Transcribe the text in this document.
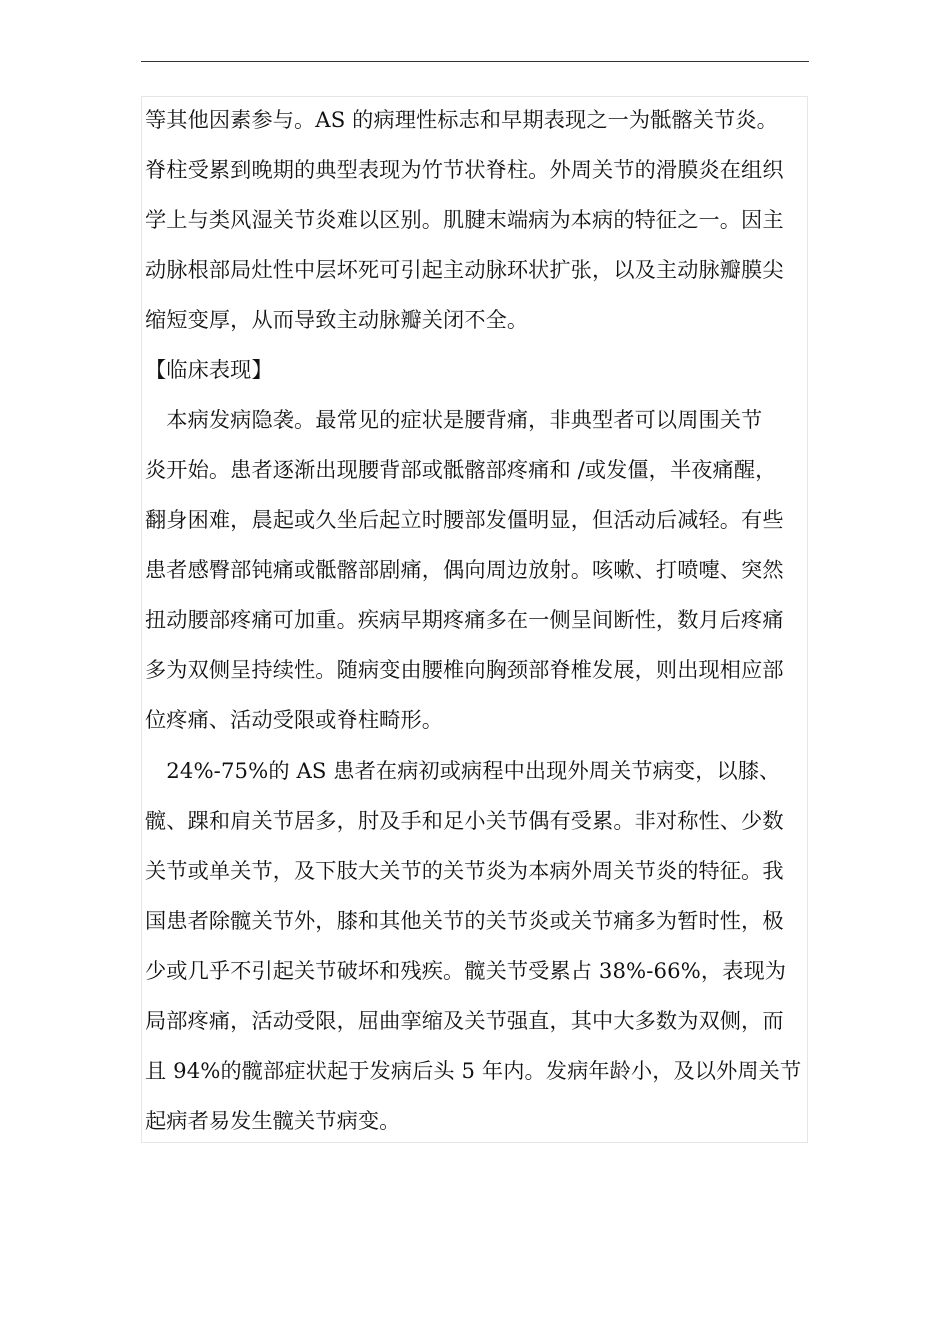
等其他因素参与。AS 的病理性标志和早期表现之一为骶髂关节炎。
脊柱受累到晚期的典型表现为竹节状脊柱。外周关节的滑膜炎在组织
学上与类风湿关节炎难以区别。肌腱末端病为本病的特征之一。因主
动脉根部局灶性中层坏死可引起主动脉环状扩张，以及主动脉瓣膜尖
缩短变厚，从而导致主动脉瓣关闭不全。
【临床表现】
　本病发病隐袭。最常见的症状是腰背痛，非典型者可以周围关节
炎开始。患者逐渐出现腰背部或骶髂部疼痛和 /或发僵，半夜痛醒，
翻身困难，晨起或久坐后起立时腰部发僵明显，但活动后减轻。有些
患者感臀部钝痛或骶髂部剧痛，偶向周边放射。咳嗽、打喷嚏、突然
扭动腰部疼痛可加重。疾病早期疼痛多在一侧呈间断性，数月后疼痛
多为双侧呈持续性。随病变由腰椎向胸颈部脊椎发展，则出现相应部
位疼痛、活动受限或脊柱畸形。
　24%-75%的 AS 患者在病初或病程中出现外周关节病变，以膝、
髋、踝和肩关节居多，肘及手和足小关节偶有受累。非对称性、少数
关节或单关节，及下肢大关节的关节炎为本病外周关节炎的特征。我
国患者除髋关节外，膝和其他关节的关节炎或关节痛多为暂时性，极
少或几乎不引起关节破坏和残疾。髋关节受累占 38%-66%，表现为
局部疼痛，活动受限，屈曲挛缩及关节强直，其中大多数为双侧，而
且 94%的髋部症状起于发病后头 5 年内。发病年龄小，及以外周关节
起病者易发生髋关节病变。
